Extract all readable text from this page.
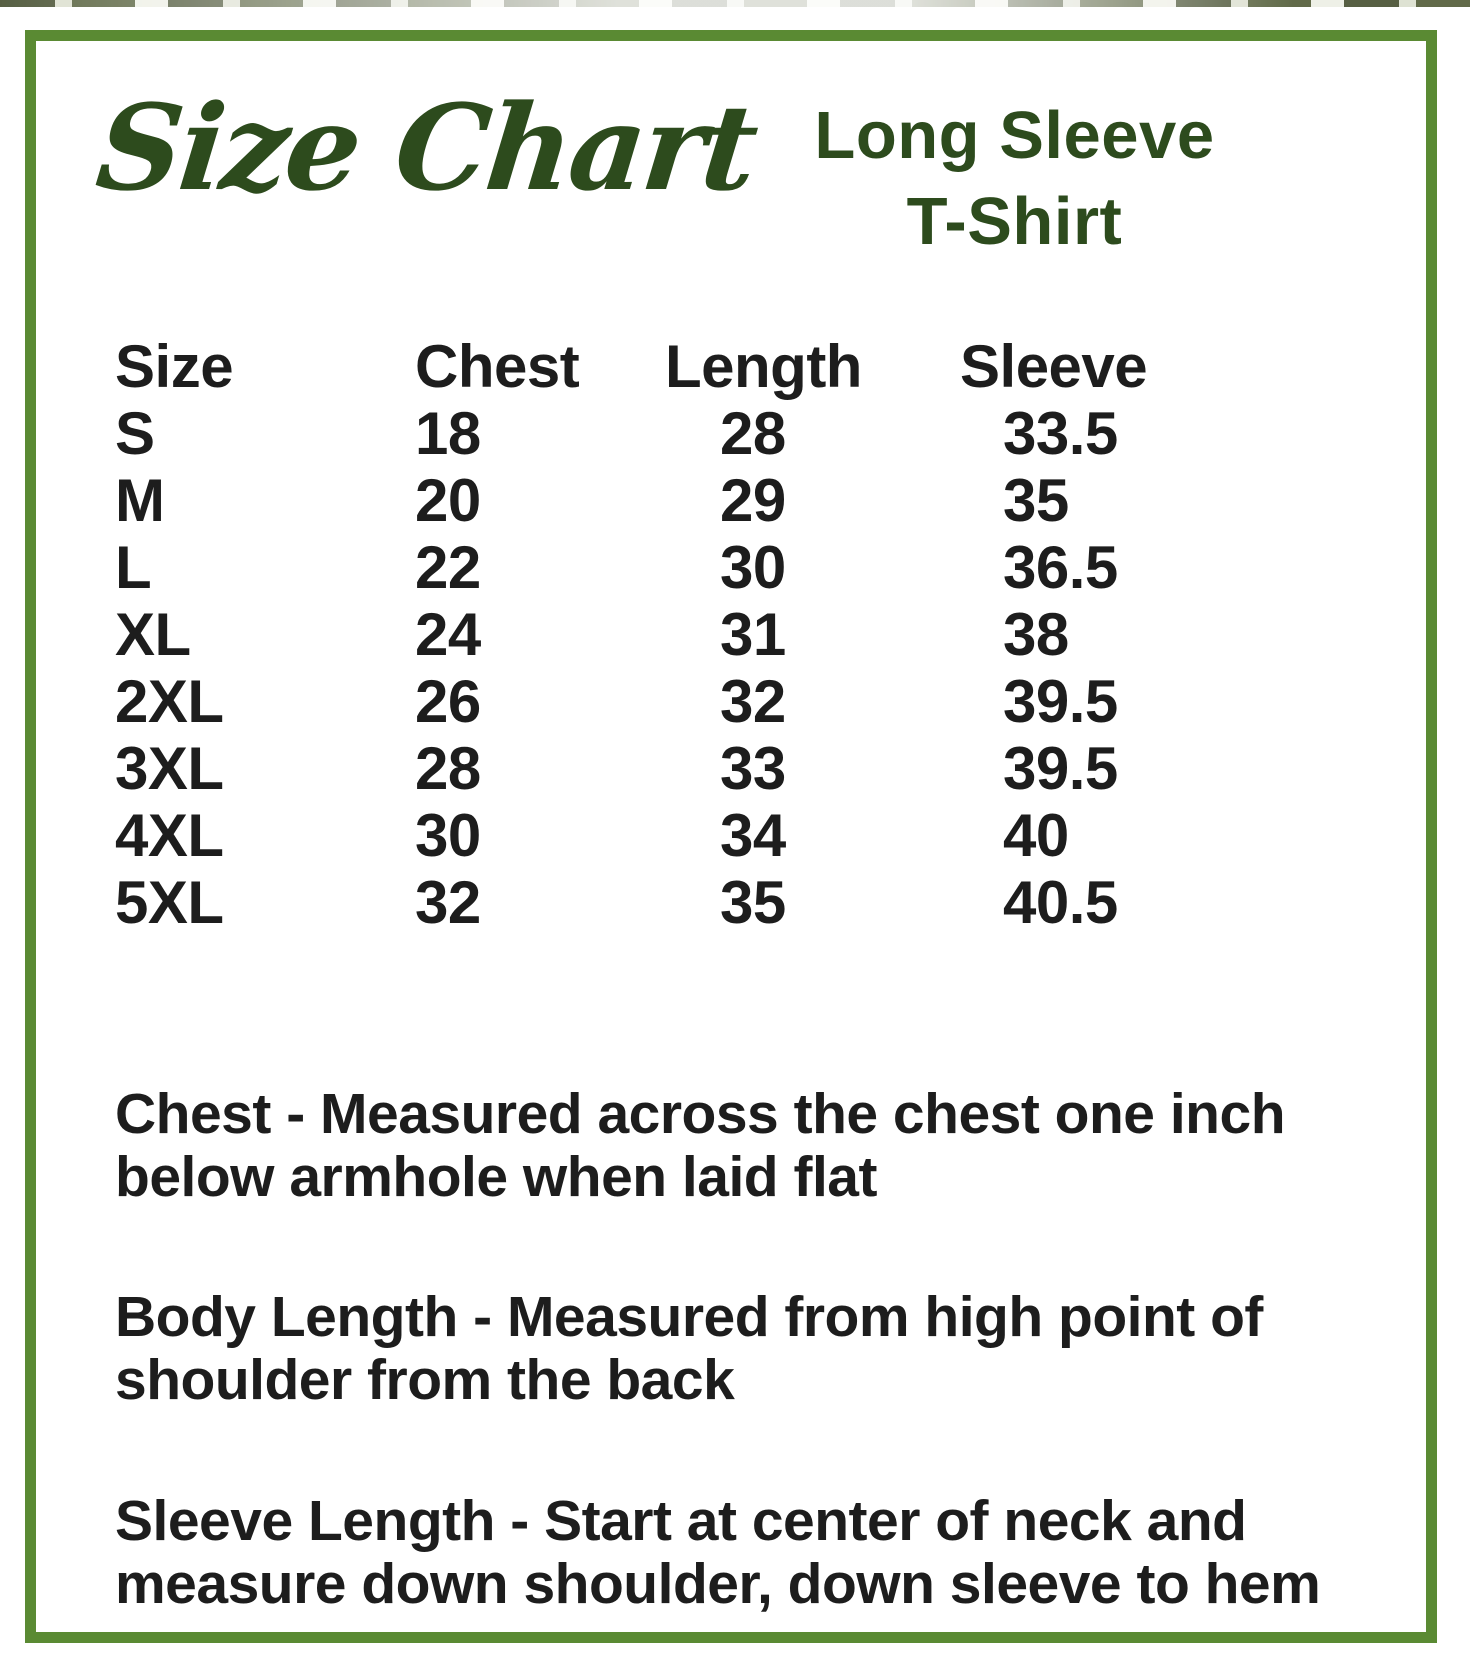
Size Chart Long Sleeve
T-Shirt
Size	Chest	Length	Sleeve
S	18	28	33.5
M	20	29	35
L	22	30	36.5
XL	24	31	38
2XL	26	32	39.5
3XL	28	33	39.5
4XL	30	34	40
5XL	32	35	40.5

Chest - Measured across the chest one inch below armhole when laid flat

Body Length - Measured from high point of shoulder from the back

Sleeve Length - Start at center of neck and measure down shoulder, down sleeve to hem
